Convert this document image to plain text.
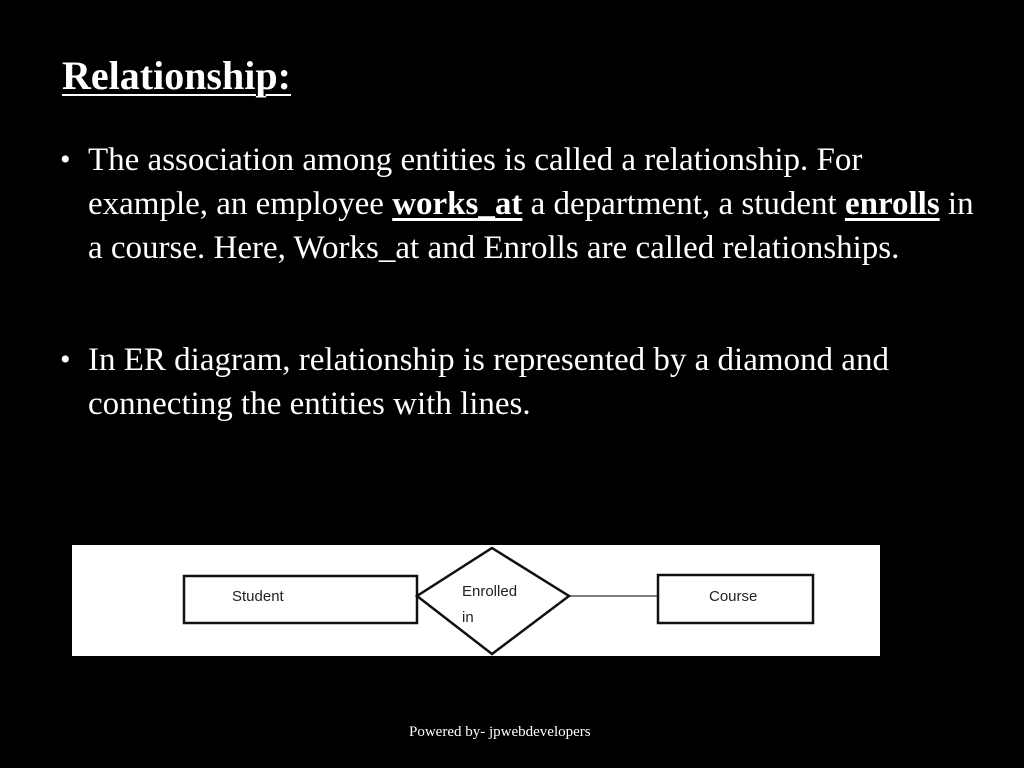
Relationship:
• The association among entities is called a relationship. For example, an employee works_at a department, a student enrolls in a course. Here, Works_at and Enrolls are called relationships.
• In ER diagram, relationship is represented by a diamond and connecting the entities with lines.
Student	Enrolled
in
Course
Powered by- jpwebdevelopers
